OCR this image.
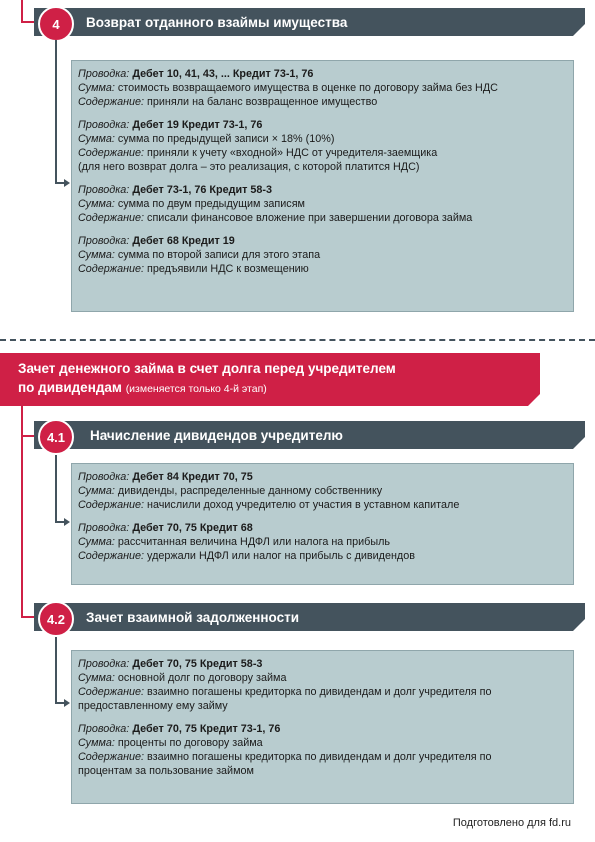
Возврат отданного взаймы имущества
4
Проводка: Дебет 10, 41, 43, ... Кредит 73-1, 76
Сумма: стоимость возвращаемого имущества в оценке по договору займа без НДС
Содержание: приняли на баланс возвращенное имущество
Проводка: Дебет 19 Кредит 73-1, 76
Сумма: сумма по предыдущей записи × 18% (10%)
Содержание: приняли к учету «входной» НДС от учредителя-заемщика
(для него возврат долга – это реализация, с которой платится НДС)
Проводка: Дебет 73-1, 76 Кредит 58-3
Сумма: сумма по двум предыдущим записям
Содержание: списали финансовое вложение при завершении договора займа
Проводка: Дебет 68 Кредит 19
Сумма: сумма по второй записи для этого этапа
Содержание: предъявили НДС к возмещению
Зачет денежного займа в счет долга перед учредителем
по дивидендам (изменяется только 4-й этап)
Начисление дивидендов учредителю
4.1
Проводка: Дебет 84 Кредит 70, 75
Сумма: дивиденды, распределенные данному собственнику
Содержание: начислили доход учредителю от участия в уставном капитале
Проводка: Дебет 70, 75 Кредит 68
Сумма: рассчитанная величина НДФЛ или налога на прибыль
Содержание: удержали НДФЛ или налог на прибыль с дивидендов
Зачет взаимной задолженности
4.2
Проводка: Дебет 70, 75 Кредит 58-3
Сумма: основной долг по договору займа
Содержание: взаимно погашены кредиторка по дивидендам и долг учредителя по
предоставленному ему займу
Проводка: Дебет 70, 75 Кредит 73-1, 76
Сумма: проценты по договору займа
Содержание: взаимно погашены кредиторка по дивидендам и долг учредителя по
процентам за пользование займом
Подготовлено для fd.ru
